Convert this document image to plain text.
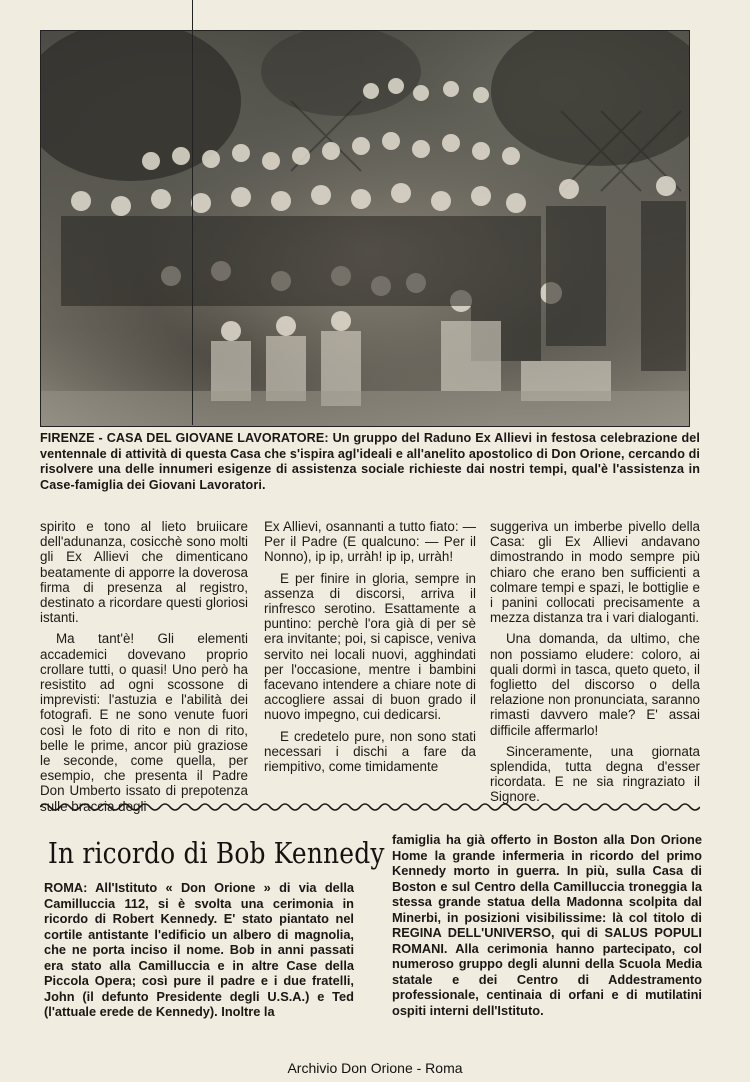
FIRENZE - CASA DEL GIOVANE LAVORATORE: Un gruppo del Raduno Ex Allievi in festosa celebrazione del ventennale di attività di questa Casa che s'ispira agl'ideali e all'anelito apostolico di Don Orione, cercando di risolvere una delle innumeri esigenze di assistenza sociale richieste dai nostri tempi, qual'è l'assistenza in Case-famiglia dei Giovani Lavoratori.

spirito e tono al lieto bruiicare dell'adunanza, cosicchè sono molti gli Ex Allievi che dimenticano beatamente di apporre la doverosa firma di presenza al registro, destinato a ricordare questi gloriosi istanti.

Ma tant'è! Gli elementi accademici dovevano proprio crollare tutti, o quasi! Uno però ha resistito ad ogni scossone di imprevisti: l'astuzia e l'abilità dei fotografi. E ne sono venute fuori così le foto di rito e non di rito, belle le prime, ancor più graziose le seconde, come quella, per esempio, che presenta il Padre Don Umberto issato di prepotenza sulle braccia degli

Ex Allievi, osannanti a tutto fiato: — Per il Padre (E qualcuno: — Per il Nonno), ip ip, urràh! ip ip, urràh!

E per finire in gloria, sempre in assenza di discorsi, arriva il rinfresco serotino. Esattamente a puntino: perchè l'ora già di per sè era invitante; poi, si capisce, veniva servito nei locali nuovi, agghindati per l'occasione, mentre i bambini facevano intendere a chiare note di accogliere assai di buon grado il nuovo impegno, cui dedicarsi.

E credetelo pure, non sono stati necessari i dischi a fare da riempitivo, come timidamente

suggeriva un imberbe pivello della Casa: gli Ex Allievi andavano dimostrando in modo sempre più chiaro che erano ben sufficienti a colmare tempi e spazi, le bottiglie e i panini collocati precisamente a mezza distanza tra i vari dialoganti.

Una domanda, da ultimo, che non possiamo eludere: coloro, ai quali dormì in tasca, queto queto, il foglietto del discorso o della relazione non pronunciata, saranno rimasti davvero male? E' assai difficile affermarlo!

Sinceramente, una giornata splendida, tutta degna d'esser ricordata. E ne sia ringraziato il Signore.

In ricordo di Bob Kennedy

ROMA: All'Istituto « Don Orione » di via della Camilluccia 112, si è svolta una cerimonia in ricordo di Robert Kennedy. E' stato piantato nel cortile antistante l'edificio un albero di magnolia, che ne porta inciso il nome. Bob in anni passati era stato alla Camilluccia e in altre Case della Piccola Opera; così pure il padre e i due fratelli, John (il defunto Presidente degli U.S.A.) e Ted (l'attuale erede de Kennedy). Inoltre la

famiglia ha già offerto in Boston alla Don Orione Home la grande infermeria in ricordo del primo Kennedy morto in guerra. In più, sulla Casa di Boston e sul Centro della Camilluccia troneggia la stessa grande statua della Madonna scolpita dal Minerbi, in posizioni visibilissime: là col titolo di REGINA DELL'UNIVERSO, qui di SALUS POPULI ROMANI. Alla cerimonia hanno partecipato, col numeroso gruppo degli alunni della Scuola Media statale e dei Centro di Addestramento professionale, centinaia di orfani e di mutilatini ospiti interni dell'Istituto.

Archivio Don Orione - Roma
